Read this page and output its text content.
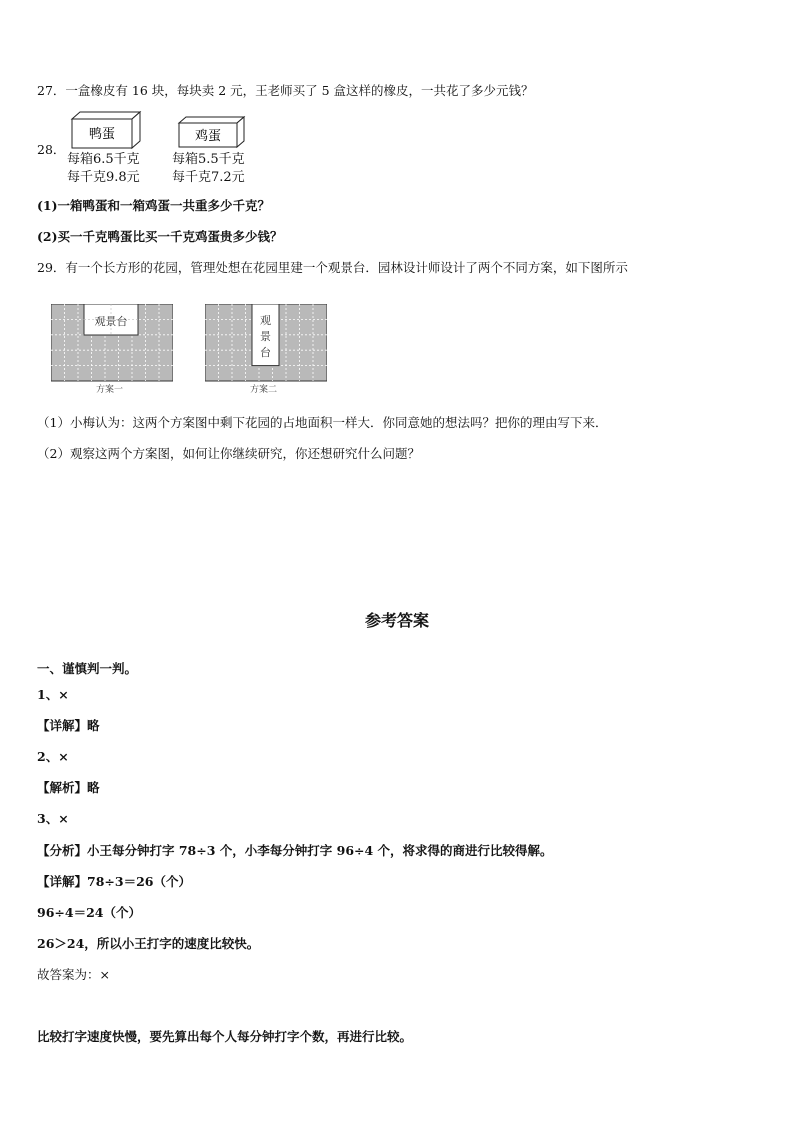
27．一盒橡皮有 16 块，每块卖 2 元，王老师买了 5 盒这样的橡皮，一共花了多少元钱？
28．
鸭蛋
每箱6.5千克
每千克9.8元
鸡蛋
每箱5.5千克
每千克7.2元
(1)一箱鸭蛋和一箱鸡蛋一共重多少千克？
(2)买一千克鸭蛋比买一千克鸡蛋贵多少钱？
29．有一个长方形的花园，管理处想在花园里建一个观景台．园林设计师设计了两个不同方案，如下图所示
观景台
方案一
观
景
台
方案二
（1）小梅认为：这两个方案图中剩下花园的占地面积一样大．你同意她的想法吗？把你的理由写下来．
（2）观察这两个方案图，如何让你继续研究，你还想研究什么问题？
参考答案
一、谨慎判一判。
1、×
【详解】略
2、×
【解析】略
3、×
【分析】小王每分钟打字 78÷3 个，小李每分钟打字 96÷4 个，将求得的商进行比较得解。
【详解】78÷3＝26（个）
96÷4＝24（个）
26＞24，所以小王打字的速度比较快。
故答案为：×
比较打字速度快慢，要先算出每个人每分钟打字个数，再进行比较。
